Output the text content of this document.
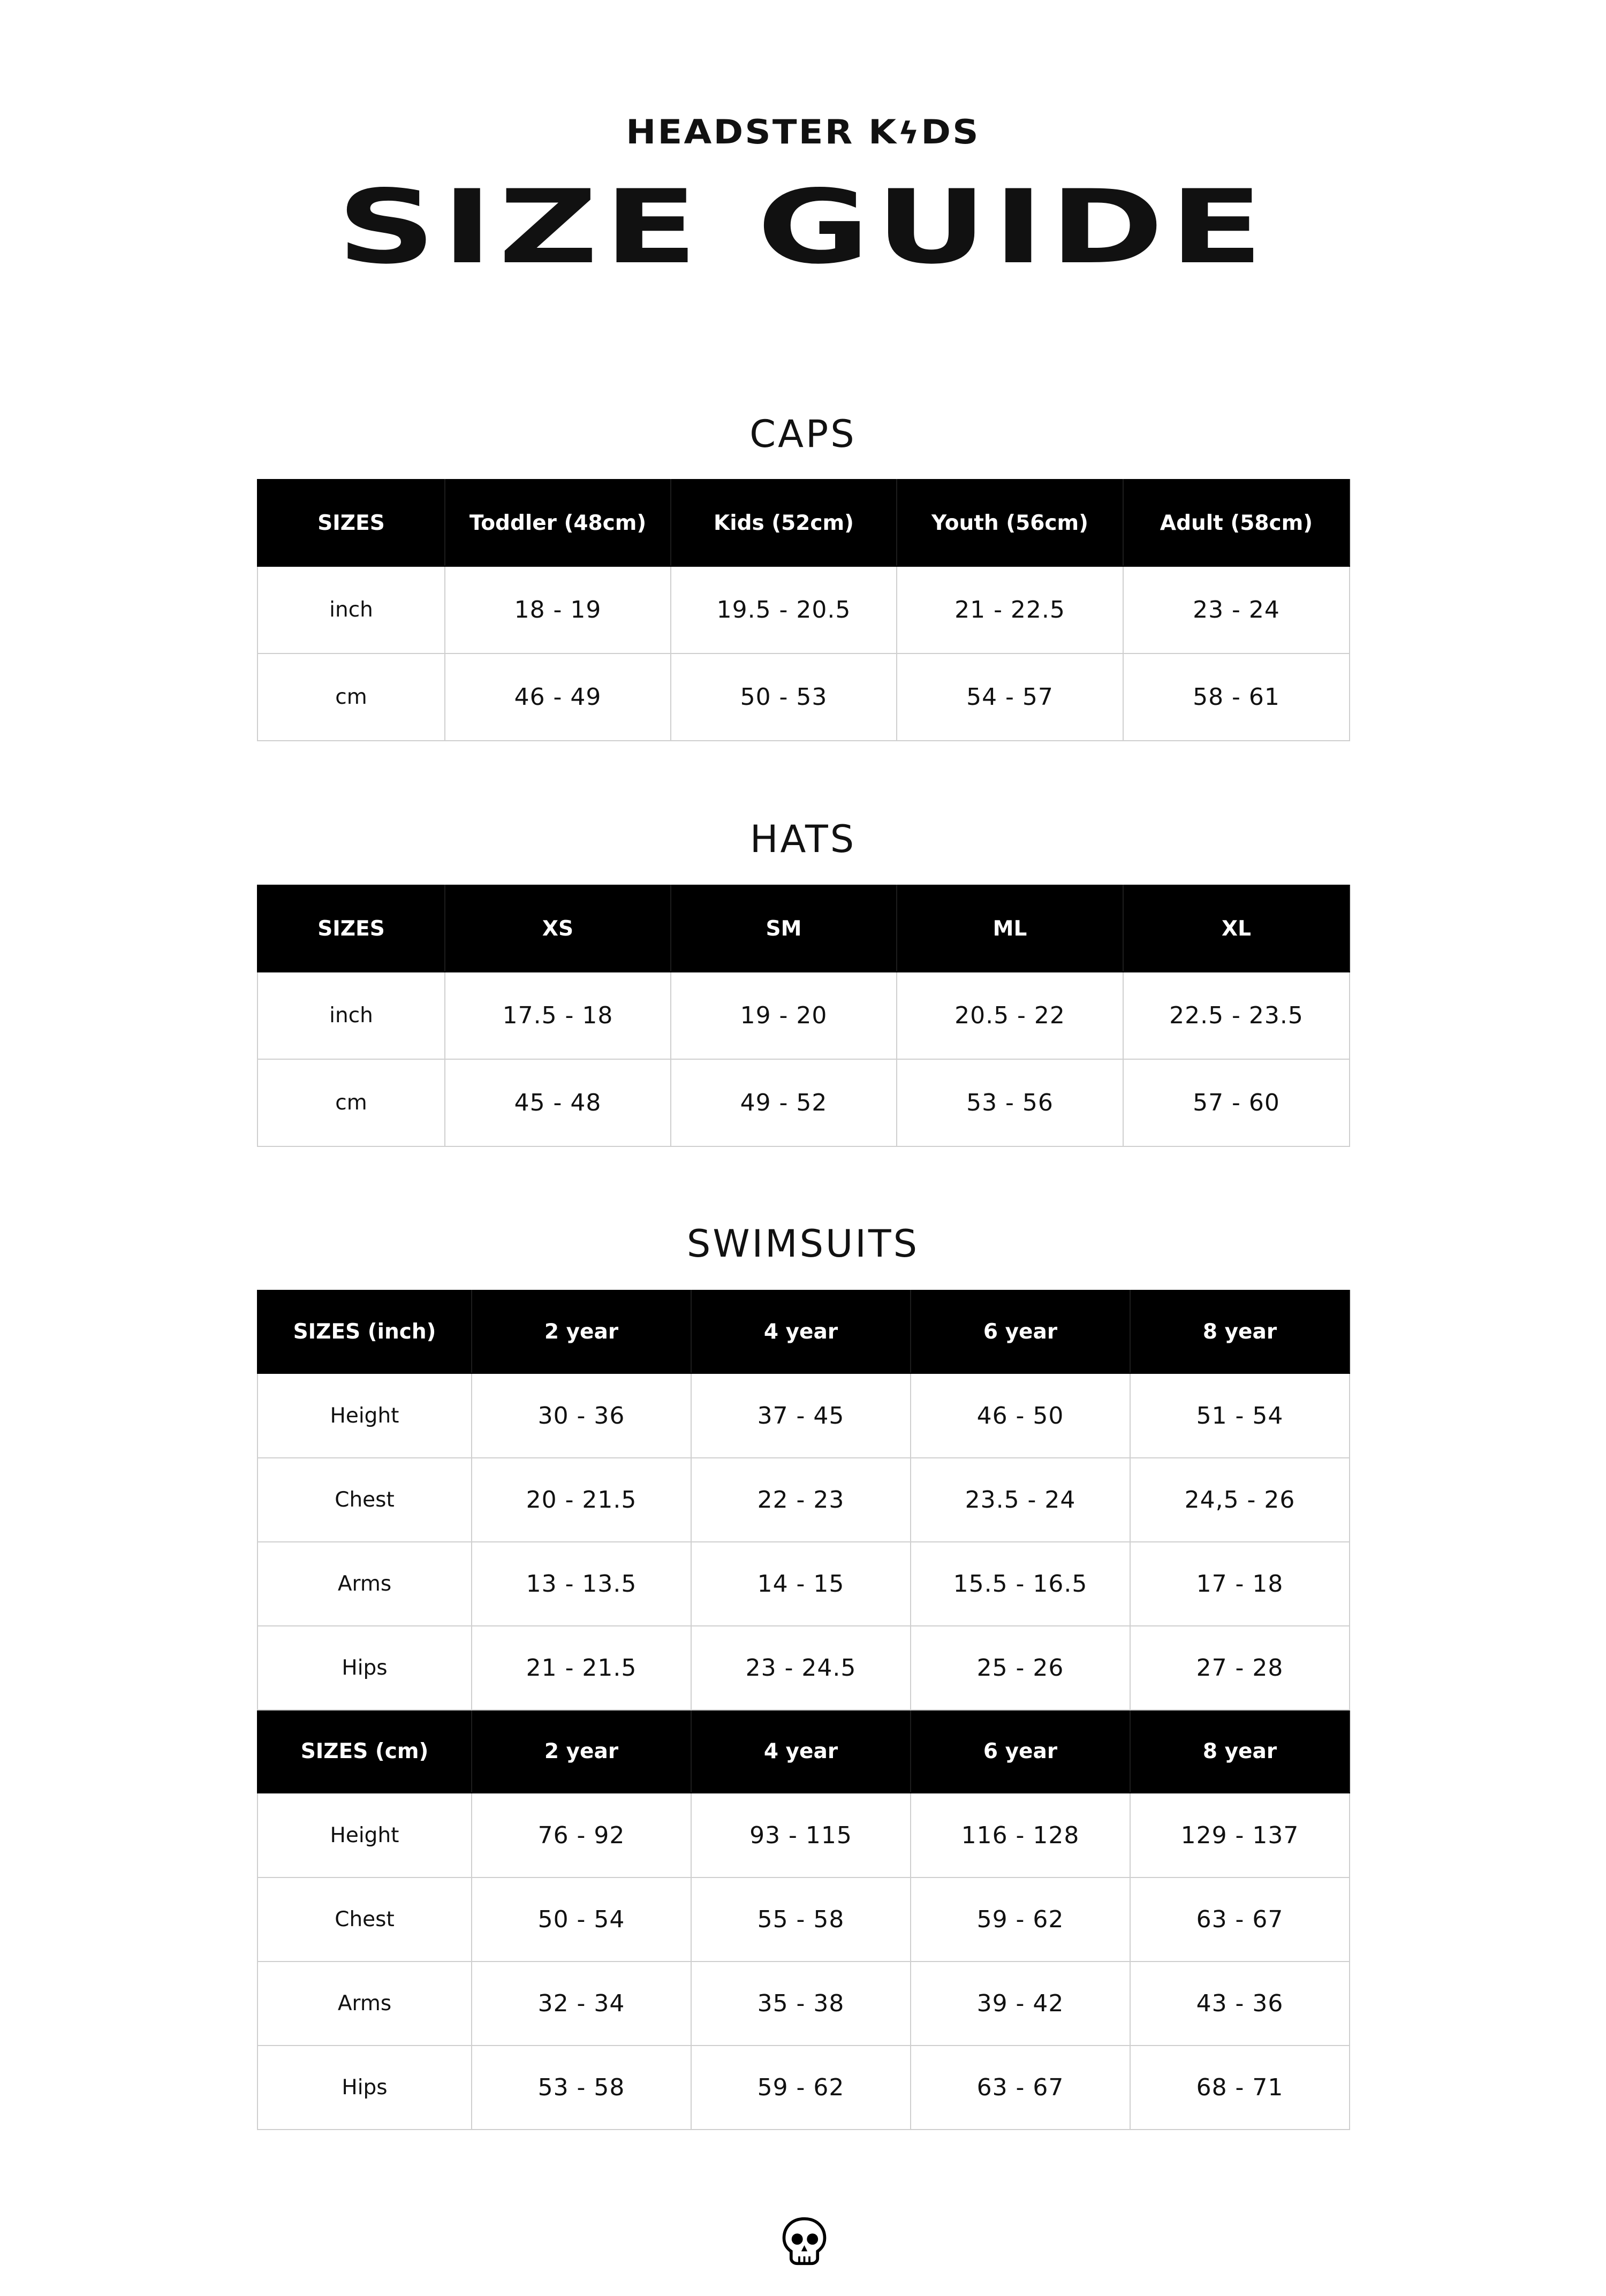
HEADSTER KϟDS
SIZE GUIDE
CAPS
SIZES	Toddler (48cm)	Kids (52cm)	Youth (56cm)	Adult (58cm)
inch	18 - 19	19.5 - 20.5	21 - 22.5	23 - 24
cm	46 - 49	50 - 53	54 - 57	58 - 61
HATS
SIZES	XS	SM	ML	XL
inch	17.5 - 18	19 - 20	20.5 - 22	22.5 - 23.5
cm	45 - 48	49 - 52	53 - 56	57 - 60
SWIMSUITS
SIZES (inch)	2 year	4 year	6 year	8 year
Height	30 - 36	37 - 45	46 - 50	51 - 54
Chest	20 - 21.5	22 - 23	23.5 - 24	24,5 - 26
Arms	13 - 13.5	14 - 15	15.5 - 16.5	17 - 18
Hips	21 - 21.5	23 - 24.5	25 - 26	27 - 28
SIZES (cm)	2 year	4 year	6 year	8 year
Height	76 - 92	93 - 115	116 - 128	129 - 137
Chest	50 - 54	55 - 58	59 - 62	63 - 67
Arms	32 - 34	35 - 38	39 - 42	43 - 36
Hips	53 - 58	59 - 62	63 - 67	68 - 71
